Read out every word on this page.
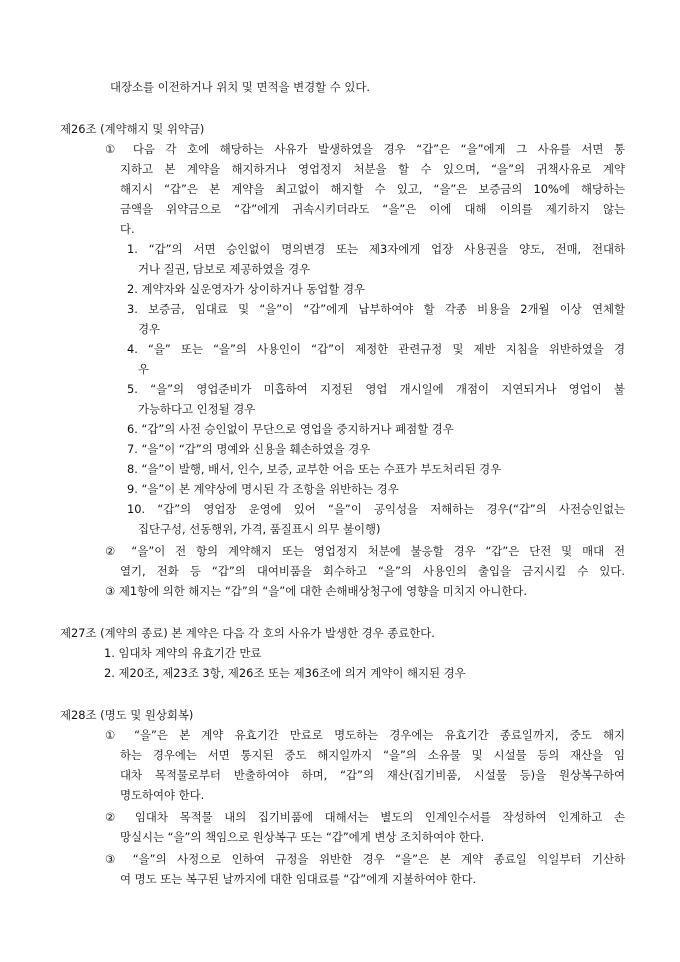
대장소를 이전하거나 위치 및 면적을 변경할 수 있다.
제26조 (계약해지 및 위약금)
① 다음 각 호에 해당하는 사유가 발생하였을 경우 “갑”은 “을”에게 그 사유를 서면 통
지하고 본 계약을 해지하거나 영업정지 처분을 할 수 있으며, “을”의 귀책사유로 계약
해지시 “갑”은 본 계약을 최고없이 해지할 수 있고, “을”은 보증금의 10%에 해당하는
금액을 위약금으로 “갑”에게 귀속시키더라도 “을”은 이에 대해 이의를 제기하지 않는
다.
1. “갑”의 서면 승인없이 명의변경 또는 제3자에게 업장 사용권을 양도, 전매, 전대하
거나 질권, 담보로 제공하였을 경우
2. 계약자와 실운영자가 상이하거나 동업할 경우
3. 보증금, 임대료 및 “을”이 “갑”에게 납부하여야 할 각종 비용을 2개월 이상 연체할
경우
4. “을” 또는 “을”의 사용인이 “갑”이 제정한 관련규정 및 제반 지침을 위반하였을 경
우
5. “을”의 영업준비가 미흡하여 지정된 영업 개시일에 개점이 지연되거나 영업이 불
가능하다고 인정될 경우
6. “갑”의 사전 승인없이 무단으로 영업을 중지하거나 폐점할 경우
7. “을”이 “갑”의 명예와 신용을 훼손하였을 경우
8. “을”이 발행, 배서, 인수, 보증, 교부한 어음 또는 수표가 부도처리된 경우
9. “을”이 본 계약상에 명시된 각 조항을 위반하는 경우
10. “갑”의 영업장 운영에 있어 “을”이 공익성을 저해하는 경우(“갑”의 사전승인없는
집단구성, 선동행위, 가격, 품질표시 의무 불이행)
② “을”이 전 항의 계약해지 또는 영업정지 처분에 불응할 경우 “갑”은 단전 및 매대 전
열기, 전화 등 “갑”의 대여비품을 회수하고 “을”의 사용인의 출입을 금지시킬 수 있다.
③ 제1항에 의한 해지는 “갑”의 “을”에 대한 손해배상청구에 영향을 미치지 아니한다.
제27조 (계약의 종료) 본 계약은 다음 각 호의 사유가 발생한 경우 종료한다.
1. 임대차 계약의 유효기간 만료
2. 제20조, 제23조 3항, 제26조 또는 제36조에 의거 계약이 해지된 경우
제28조 (명도 및 원상회복)
① “을”은 본 계약 유효기간 만료로 명도하는 경우에는 유효기간 종료일까지, 중도 해지
하는 경우에는 서면 통지된 중도 해지일까지 “을”의 소유물 및 시설물 등의 재산을 임
대차 목적물로부터 반출하여야 하며, “갑”의 재산(집기비품, 시설물 등)을 원상복구하여
명도하여야 한다.
② 임대차 목적물 내의 집기비품에 대해서는 별도의 인계인수서를 작성하여 인계하고 손
망실시는 “을”의 책임으로 원상복구 또는 “갑”에게 변상 조치하여야 한다.
③ “을”의 사정으로 인하여 규정을 위반한 경우 “을”은 본 계약 종료일 익일부터 기산하
여 명도 또는 복구된 날까지에 대한 임대료를 “갑”에게 지불하여야 한다.
